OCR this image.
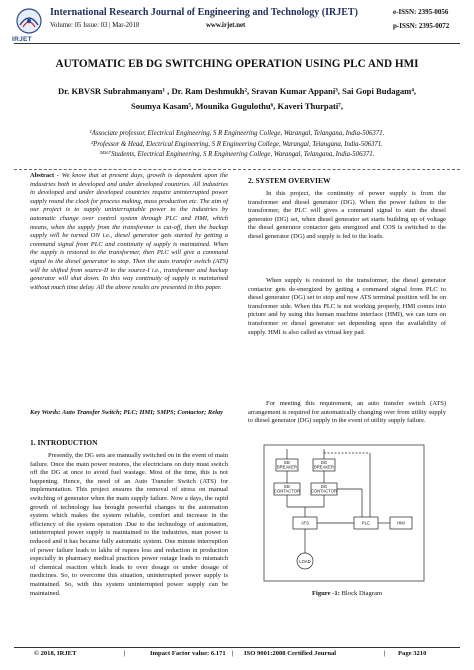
IRJET
International Research Journal of Engineering and Technology (IRJET)
Volume: 05 Issue: 03 | Mar-2018	www.irjet.net
e-ISSN: 2395-0056
p-ISSN: 2395-0072
AUTOMATIC EB DG SWITCHING OPERATION USING PLC AND HMI
Dr. KBVSR Subrahmanyam¹ , Dr. Ram Deshmukh², Sravan Kumar Appani³, Sai Gopi Budagam⁴,
Soumya Kasam⁵, Mounika Gugulothu⁶, Kaveri Thurpati⁷,
¹Associate professor, Electrical Engineering, S R Engineering College, Warangal, Telangana, India-506371.
²Professor & Head, Electrical Engineering, S R Engineering College, Warangal, Telangana, India-506371.
³⁴⁵⁶⁷Students, Electrical Engineering, S R Engineering College, Warangal, Telangana, India-506371.
Abstract - We know that at present days, growth is dependent upon the industries both in developed and under developed countries. All industries in developed and under developed countries require uninterrupted power supply round the clock for process making, mass production etc. The aim of our project is to supply uninterruptable power to the industries by automatic change over control system through PLC and HMI, which means, when the supply from the transformer is cut-off, then the backup supply will be turned ON i.e., diesel generator gets started by getting a command signal from PLC and continuity of supply is maintained. When the supply is restored to the transformer, then PLC will give a command signal to the diesel generator to stop. Then the auto transfer switch (ATS) will be shifted from source-II to the source-I i.e., transformer and backup generator will shut down. In this way continuity of supply is maintained without much time delay. All the above results are presented in this paper.
Key Words: Auto Transfer Switch; PLC; HMI; SMPS; Contactor; Relay
1. INTRODUCTION
Presently, the DG sets are manually switched on in the event of main failure. Once the main power restores, the electricians on duty must switch off the DG at once to avoid fuel wastage. Most of the time, this is not happening. Hence, the need of an Auto Transfer Switch (ATS) for implementation. This project ensures the removal of stress on manual switching of generator when the main supply failure. Now a days, the rapid growth of technology has brought powerful changes in the automation system which makes the system reliable, comfort and increase in the efficiency of the system operation .Due to the technology of automation, uninterrupted power supply is maintained to the industries, man power is reduced and it has became fully automatic system. One minute interruption of power failure leads to lakhs of rupees loss and reduction in production especially in pharmacy medical practices power outage leads to mismatch of chemical reaction which leads to over dosage or under dosage of medicines. So, to overcome this situation, uninterrupted power supply is maintained. So, with this system uninterrupted power supply can be maintained.
2. SYSTEM OVERVIEW
In this project, the continuity of power supply is from the transformer and diesel generator (DG). When the power failure to the transformer, the PLC will gives a command signal to start the diesel generator (DG) set, when diesel generator set starts building up of voltage the diesel generator contactor gets energized and COS is switched to the diesel generator (DG) and supply is fed to the loads.
When supply is restored to the transformer, the diesel generator contactor gets de-energized by getting a command signal from PLC to diesel generator (DG) set to stop and now ATS terminal position will be on transformer side. When this PLC is not working properly, HMI comes into picture and by using this human machine interface (HMI), we can turn on transformer or diesel generator set depending upon the availability of supply. HMI is also called as virtual key pad.
For meeting this requirement, an auto transfer switch (ATS) arrangement is required for automatically changing over from utility supply to diesel generator (DG) supply in the event of utility supply failure.
EB BREAKER
DG BREAKER
EB CONTACTOR
DG CONTACTOR
ATS	PLC	HMI
LOAD
Figure -1: Block Diagram
© 2018, IRJET	|	Impact Factor value: 6.171 | ISO 9001:2008 Certified Journal	| Page 3210
